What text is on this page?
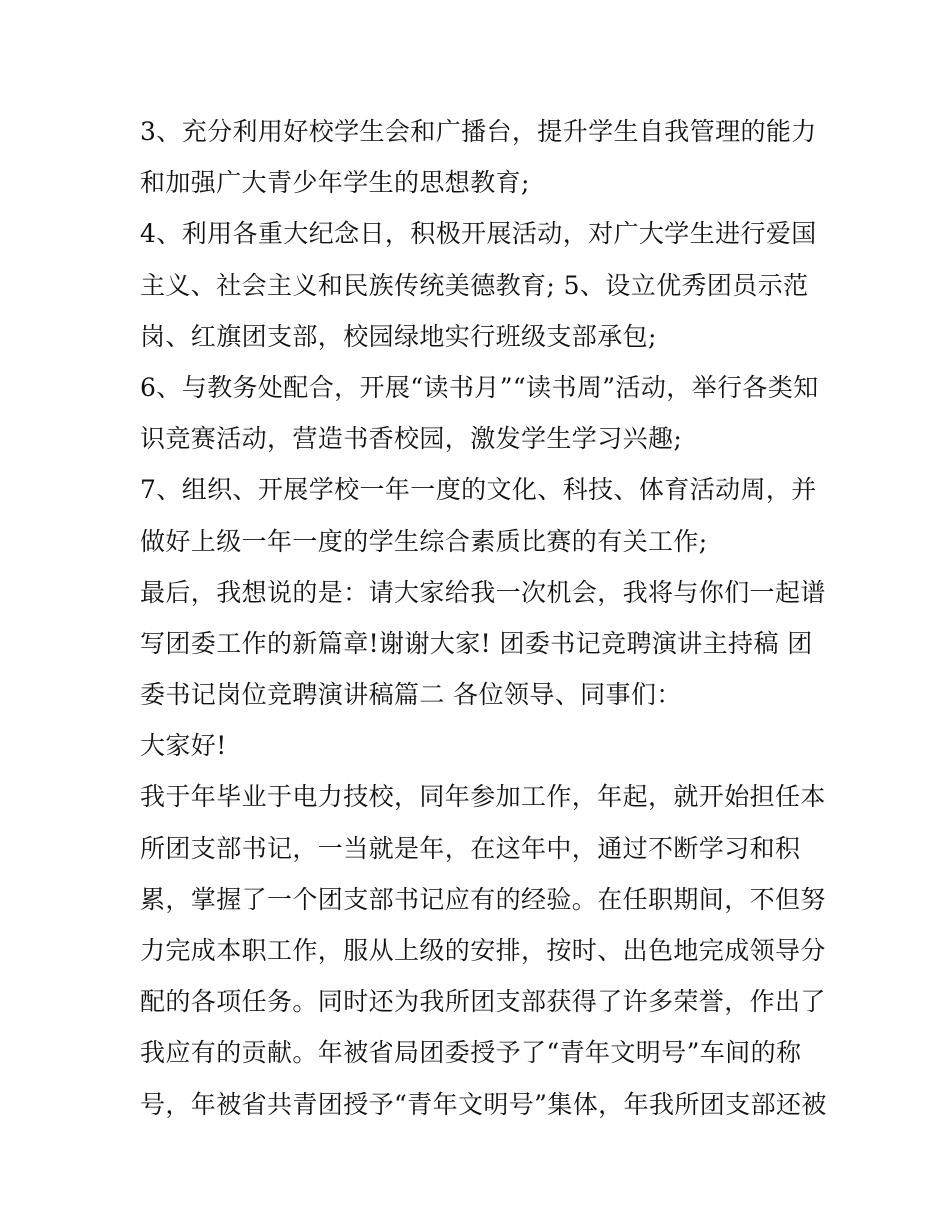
3、充分利用好校学生会和广播台，提升学生自我管理的能力
和加强广大青少年学生的思想教育;
4、利用各重大纪念日，积极开展活动，对广大学生进行爱国
主义、社会主义和民族传统美德教育; 5、设立优秀团员示范
岗、红旗团支部，校园绿地实行班级支部承包;
6、与教务处配合，开展“读书月”“读书周”活动，举行各类知
识竞赛活动，营造书香校园，激发学生学习兴趣;
7、组织、开展学校一年一度的文化、科技、体育活动周，并
做好上级一年一度的学生综合素质比赛的有关工作;
最后，我想说的是：请大家给我一次机会，我将与你们一起谱
写团委工作的新篇章!谢谢大家! 团委书记竞聘演讲主持稿 团
委书记岗位竞聘演讲稿篇二 各位领导、同事们：
大家好!
我于年毕业于电力技校，同年参加工作，年起，就开始担任本
所团支部书记，一当就是年，在这年中，通过不断学习和积
累，掌握了一个团支部书记应有的经验。在任职期间，不但努
力完成本职工作，服从上级的安排，按时、出色地完成领导分
配的各项任务。同时还为我所团支部获得了许多荣誉，作出了
我应有的贡献。年被省局团委授予了“青年文明号”车间的称
号，年被省共青团授予“青年文明号”集体，年我所团支部还被
